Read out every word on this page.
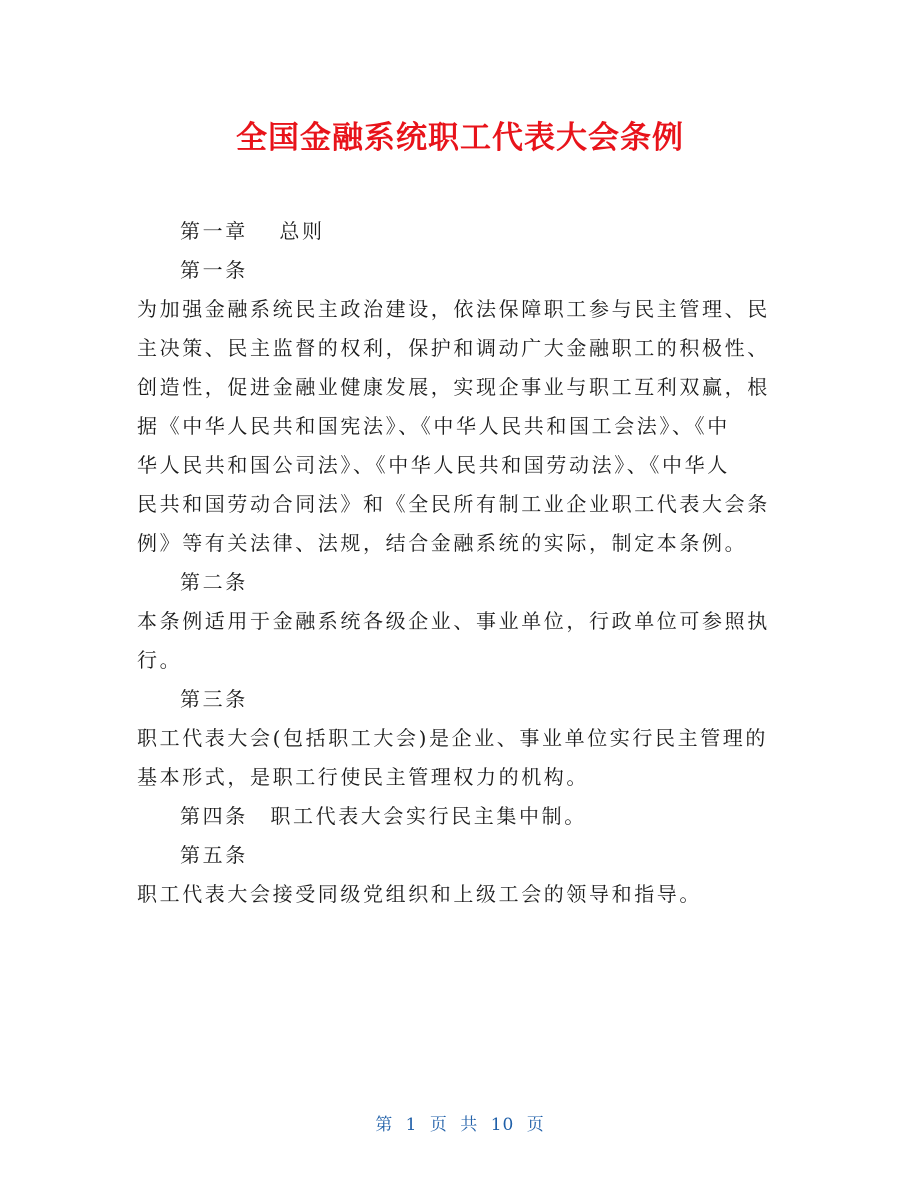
全国金融系统职工代表大会条例

第一章　 总则

第一条

为加强金融系统民主政治建设，依法保障职工参与民主管理、民

主决策、民主监督的权利，保护和调动广大金融职工的积极性、

创造性，促进金融业健康发展，实现企事业与职工互利双赢，根

据《中华人民共和国宪法》、《中华人民共和国工会法》、《中

华人民共和国公司法》、《中华人民共和国劳动法》、《中华人

民共和国劳动合同法》和《全民所有制工业企业职工代表大会条

例》等有关法律、法规，结合金融系统的实际，制定本条例。

第二条

本条例适用于金融系统各级企业、事业单位，行政单位可参照执

行。

第三条

职工代表大会(包括职工大会)是企业、事业单位实行民主管理的

基本形式，是职工行使民主管理权力的机构。

第四条　职工代表大会实行民主集中制。

第五条

职工代表大会接受同级党组织和上级工会的领导和指导。

第 1 页 共 10 页
